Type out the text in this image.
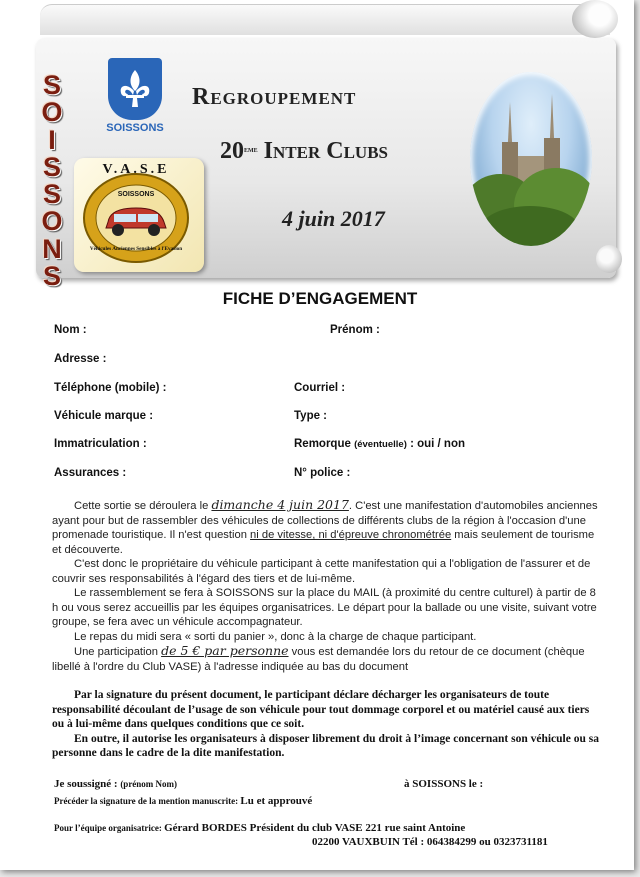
S
O
I
S
S
O
N
S
SOISSONS
V.A.S.E
SOISSONS
Véhicules Anciennes Sensibles à l'Evasion
Regroupement
20eme Inter Clubs
4 juin 2017
FICHE D’ENGAGEMENT
Nom :	Prénom :
Adresse :
Téléphone (mobile) :	Courriel :
Véhicule marque :	Type :
Immatriculation :	Remorque (éventuelle) : oui / non
Assurances :	N° police :

Cette sortie se déroulera le dimanche 4 juin 2017. C'est une manifestation d'automobiles anciennes ayant pour but de rassembler des véhicules de collections de différents clubs de la région à l'occasion d'une promenade touristique. Il n'est question ni de vitesse, ni d'épreuve chronométrée mais seulement de tourisme et découverte.

C'est donc le propriétaire du véhicule participant à cette manifestation qui a l'obligation de l'assurer et de couvrir ses responsabilités à l'égard des tiers et de lui-même.

Le rassemblement se fera à SOISSONS sur la place du MAIL (à proximité du centre culturel) à partir de 8 h ou vous serez accueillis par les équipes organisatrices. Le départ pour la ballade ou une visite, suivant votre groupe, se fera avec un véhicule accompagnateur.

Le repas du midi sera « sorti du panier », donc à la charge de chaque participant.

Une participation de 5 € par personne vous est demandée lors du retour de ce document (chèque libellé à l'ordre du Club VASE) à l'adresse indiquée au bas du document

Par la signature du présent document, le participant déclare décharger les organisateurs de toute responsabilité découlant de l’usage de son véhicule pour tout dommage corporel et ou matériel causé aux tiers ou à lui-même dans quelques conditions que ce soit.

En outre, il autorise les organisateurs à disposer librement du droit à l’image concernant son véhicule ou sa personne dans le cadre de la dite manifestation.

Je soussigné : (prénom Nom)	à SOISSONS le :
Précéder la signature de la mention manuscrite: Lu et approuvé
Pour l’équipe organisatrice: Gérard BORDES Président du club VASE 221 rue saint Antoine
02200 VAUXBUIN Tél : 064384299 ou 0323731181
